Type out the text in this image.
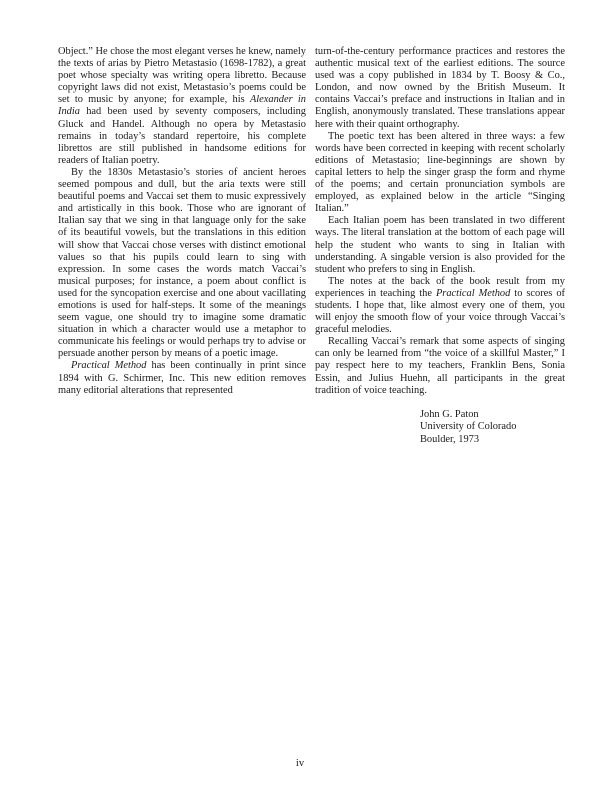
Object.” He chose the most elegant verses he knew, namely the texts of arias by Pietro Metastasio (1698-1782), a great poet whose specialty was writing opera libretto. Because copyright laws did not exist, Metastasio’s poems could be set to music by anyone; for example, his Alexander in India had been used by seventy composers, including Gluck and Handel. Although no opera by Metastasio remains in today’s standard repertoire, his complete librettos are still published in handsome editions for readers of Italian poetry.

By the 1830s Metastasio’s stories of ancient heroes seemed pompous and dull, but the aria texts were still beautiful poems and Vaccai set them to music expressively and artistically in this book. Those who are ignorant of Italian say that we sing in that language only for the sake of its beautiful vowels, but the translations in this edition will show that Vaccai chose verses with distinct emotional values so that his pupils could learn to sing with expression. In some cases the words match Vaccai’s musical purposes; for instance, a poem about conflict is used for the syncopation exercise and one about vacillating emotions is used for half-steps. It some of the meanings seem vague, one should try to imagine some dramatic situation in which a character would use a metaphor to communicate his feelings or would perhaps try to advise or persuade another person by means of a poetic image.

Practical Method has been continually in print since 1894 with G. Schirmer, Inc. This new edition removes many editorial alterations that represented

turn-of-the-century performance practices and restores the authentic musical text of the earliest editions. The source used was a copy published in 1834 by T. Boosy & Co., London, and now owned by the British Museum. It contains Vaccai’s preface and instructions in Italian and in English, anonymously translated. These translations appear here with their quaint orthography.

The poetic text has been altered in three ways: a few words have been corrected in keeping with recent scholarly editions of Metastasio; line-beginnings are shown by capital letters to help the singer grasp the form and rhyme of the poems; and certain pronunciation symbols are employed, as explained below in the article “Singing Italian.”

Each Italian poem has been translated in two different ways. The literal translation at the bottom of each page will help the student who wants to sing in Italian with understanding. A singable version is also provided for the student who prefers to sing in English.

The notes at the back of the book result from my experiences in teaching the Practical Method to scores of students. I hope that, like almost every one of them, you will enjoy the smooth flow of your voice through Vaccai’s graceful melodies.

Recalling Vaccai’s remark that some aspects of singing can only be learned from “the voice of a skillful Master,” I pay respect here to my teachers, Franklin Bens, Sonia Essin, and Julius Huehn, all participants in the great tradition of voice teaching.

John G. Paton
University of Colorado
Boulder, 1973
iv
